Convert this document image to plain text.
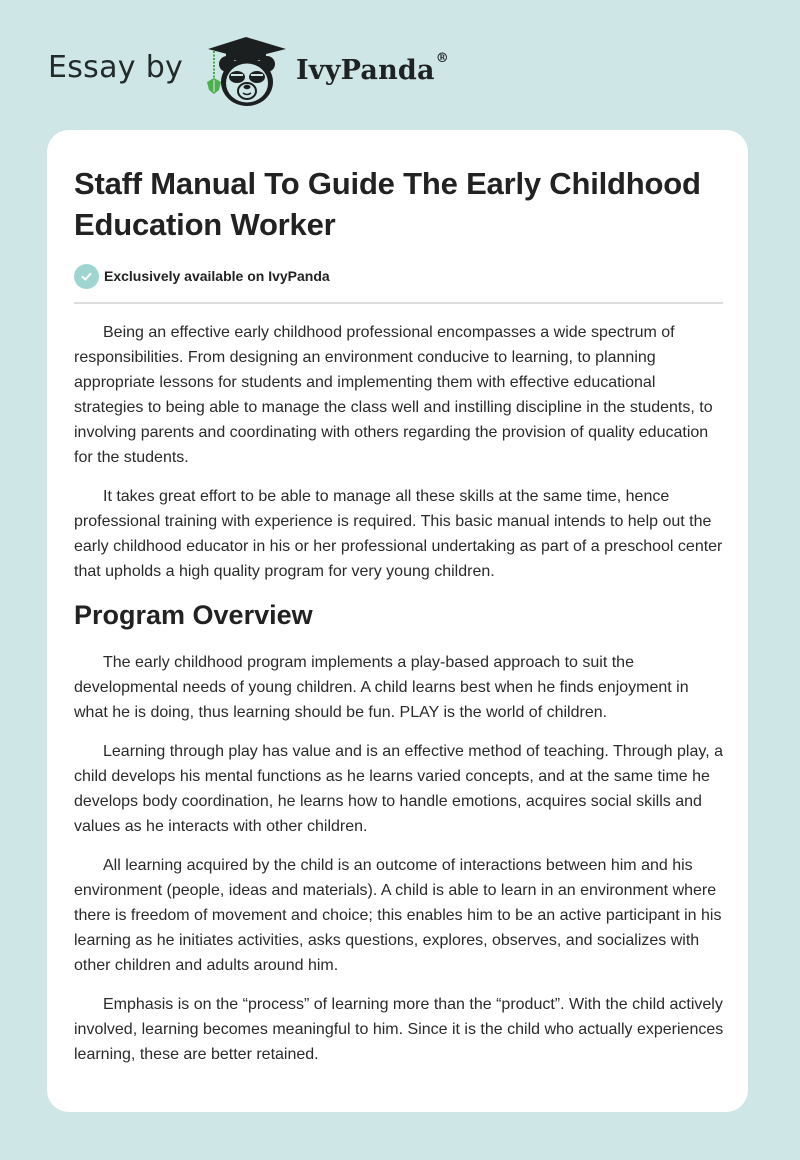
Essay by	IvyPanda®
Staff Manual To Guide The Early Childhood Education Worker
Exclusively available on IvyPanda

Being an effective early childhood professional encompasses a wide spectrum of responsibilities. From designing an environment conducive to learning, to planning appropriate lessons for students and implementing them with effective educational strategies to being able to manage the class well and instilling discipline in the students, to involving parents and coordinating with others regarding the provision of quality education for the students.

It takes great effort to be able to manage all these skills at the same time, hence professional training with experience is required. This basic manual intends to help out the early childhood educator in his or her professional undertaking as part of a preschool center that upholds a high quality program for very young children.

Program Overview

The early childhood program implements a play-based approach to suit the developmental needs of young children. A child learns best when he finds enjoyment in what he is doing, thus learning should be fun. PLAY is the world of children.

Learning through play has value and is an effective method of teaching. Through play, a child develops his mental functions as he learns varied concepts, and at the same time he develops body coordination, he learns how to handle emotions, acquires social skills and values as he interacts with other children.

All learning acquired by the child is an outcome of interactions between him and his environment (people, ideas and materials). A child is able to learn in an environment where there is freedom of movement and choice; this enables him to be an active participant in his learning as he initiates activities, asks questions, explores, observes, and socializes with other children and adults around him.

Emphasis is on the “process” of learning more than the “product”. With the child actively involved, learning becomes meaningful to him. Since it is the child who actually experiences learning, these are better retained.
